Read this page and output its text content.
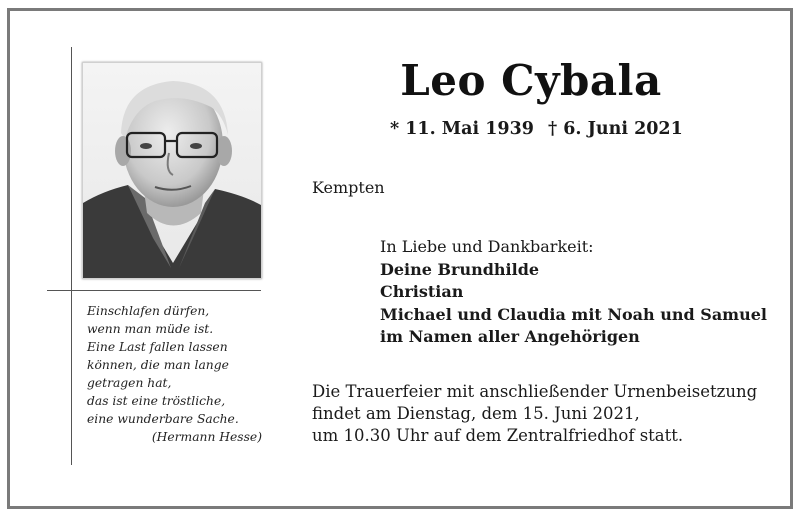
Einschlafen dürfen,
wenn man müde ist.
Eine Last fallen lassen
können, die man lange
getragen hat,
das ist eine tröstliche,
eine wunderbare Sache.
(Hermann Hesse)
Leo Cybala
* 11. Mai 1939 † 6. Juni 2021
Kempten
In Liebe und Dankbarkeit:
Deine Brundhilde
Christian
Michael und Claudia mit Noah und Samuel
im Namen aller Angehörigen
Die Trauerfeier mit anschließender Urnenbeisetzung
findet am Dienstag, dem 15. Juni 2021,
um 10.30 Uhr auf dem Zentralfriedhof statt.
